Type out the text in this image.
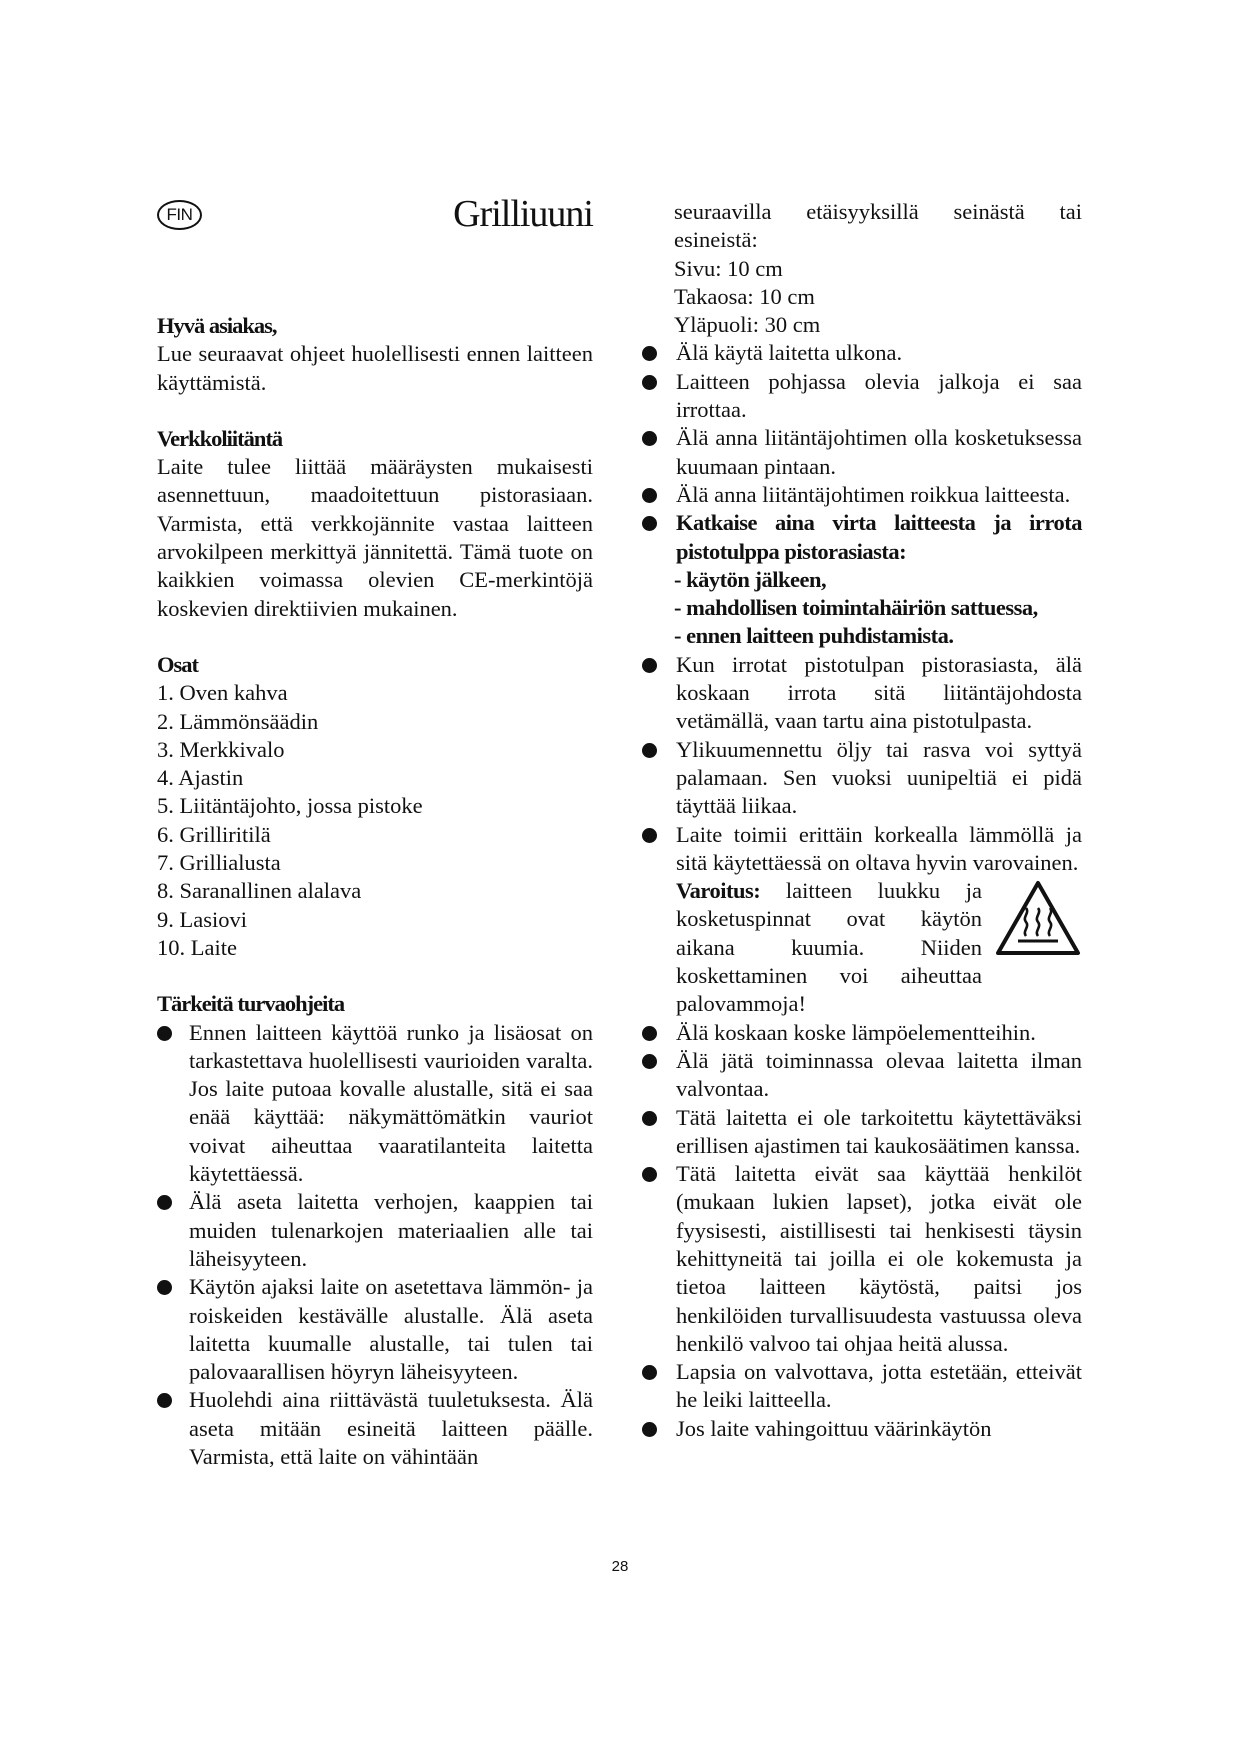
FIN	Grilliuuni
Hyvä asiakas,
Lue seuraavat ohjeet huolellisesti ennen laitteen käyttämistä.
Verkkoliitäntä
Laite tulee liittää määräysten mukaisesti asennettuun, maadoitettuun pistorasiaan. Varmista, että verkkojännite vastaa laitteen arvokilpeen merkittyä jännitettä. Tämä tuote on kaikkien voimassa olevien CE-merkintöjä koskevien direktiivien mukainen.
Osat
1. Oven kahva
2. Lämmönsäädin
3. Merkkivalo
4. Ajastin
5. Liitäntäjohto, jossa pistoke
6. Grilliritilä
7. Grillialusta
8. Saranallinen alalava
9. Lasiovi
10. Laite
Tärkeitä turvaohjeita
Ennen laitteen käyttöä runko ja lisäosat on tarkastettava huolellisesti vaurioiden varalta. Jos laite putoaa kovalle alustalle, sitä ei saa enää käyttää: näkymättömätkin vauriot voivat aiheuttaa vaaratilanteita laitetta käytettäessä.
Älä aseta laitetta verhojen, kaappien tai muiden tulenarkojen materiaalien alle tai läheisyyteen.
Käytön ajaksi laite on asetettava lämmön- ja roiskeiden kestävälle alustalle. Älä aseta laitetta kuumalle alustalle, tai tulen tai palovaarallisen höyryn läheisyyteen.
Huolehdi aina riittävästä tuuletuksesta. Älä aseta mitään esineitä laitteen päälle. Varmista, että laite on vähintään
seuraavilla etäisyyksillä seinästä tai esineistä:
Sivu: 10 cm
Takaosa: 10 cm
Yläpuoli: 30 cm
Älä käytä laitetta ulkona.
Laitteen pohjassa olevia jalkoja ei saa irrottaa.
Älä anna liitäntäjohtimen olla kosketuksessa kuumaan pintaan.
Älä anna liitäntäjohtimen roikkua laitteesta.
Katkaise aina virta laitteesta ja irrota pistotulppa pistorasiasta:
- käytön jälkeen,
- mahdollisen toimintahäiriön sattuessa,
- ennen laitteen puhdistamista.
Kun irrotat pistotulpan pistorasiasta, älä koskaan irrota sitä liitäntäjohdosta vetämällä, vaan tartu aina pistotulpasta.
Ylikuumennettu öljy tai rasva voi syttyä palamaan. Sen vuoksi uunipeltiä ei pidä täyttää liikaa.
Laite toimii erittäin korkealla lämmöllä ja sitä käytettäessä on oltava hyvin varovainen.
Varoitus: laitteen luukku ja kosketuspinnat ovat käytön aikana kuumia. Niiden koskettaminen voi aiheuttaa palovammoja!
Älä koskaan koske lämpöelementteihin.
Älä jätä toiminnassa olevaa laitetta ilman valvontaa.
Tätä laitetta ei ole tarkoitettu käytettäväksi erillisen ajastimen tai kaukosäätimen kanssa.
Tätä laitetta eivät saa käyttää henkilöt (mukaan lukien lapset), jotka eivät ole fyysisesti, aistillisesti tai henkisesti täysin kehittyneitä tai joilla ei ole kokemusta ja tietoa laitteen käytöstä, paitsi jos henkilöiden turvallisuudesta vastuussa oleva henkilö valvoo tai ohjaa heitä alussa.
Lapsia on valvottava, jotta estetään, etteivät he leiki laitteella.
Jos laite vahingoittuu väärinkäytön
28
